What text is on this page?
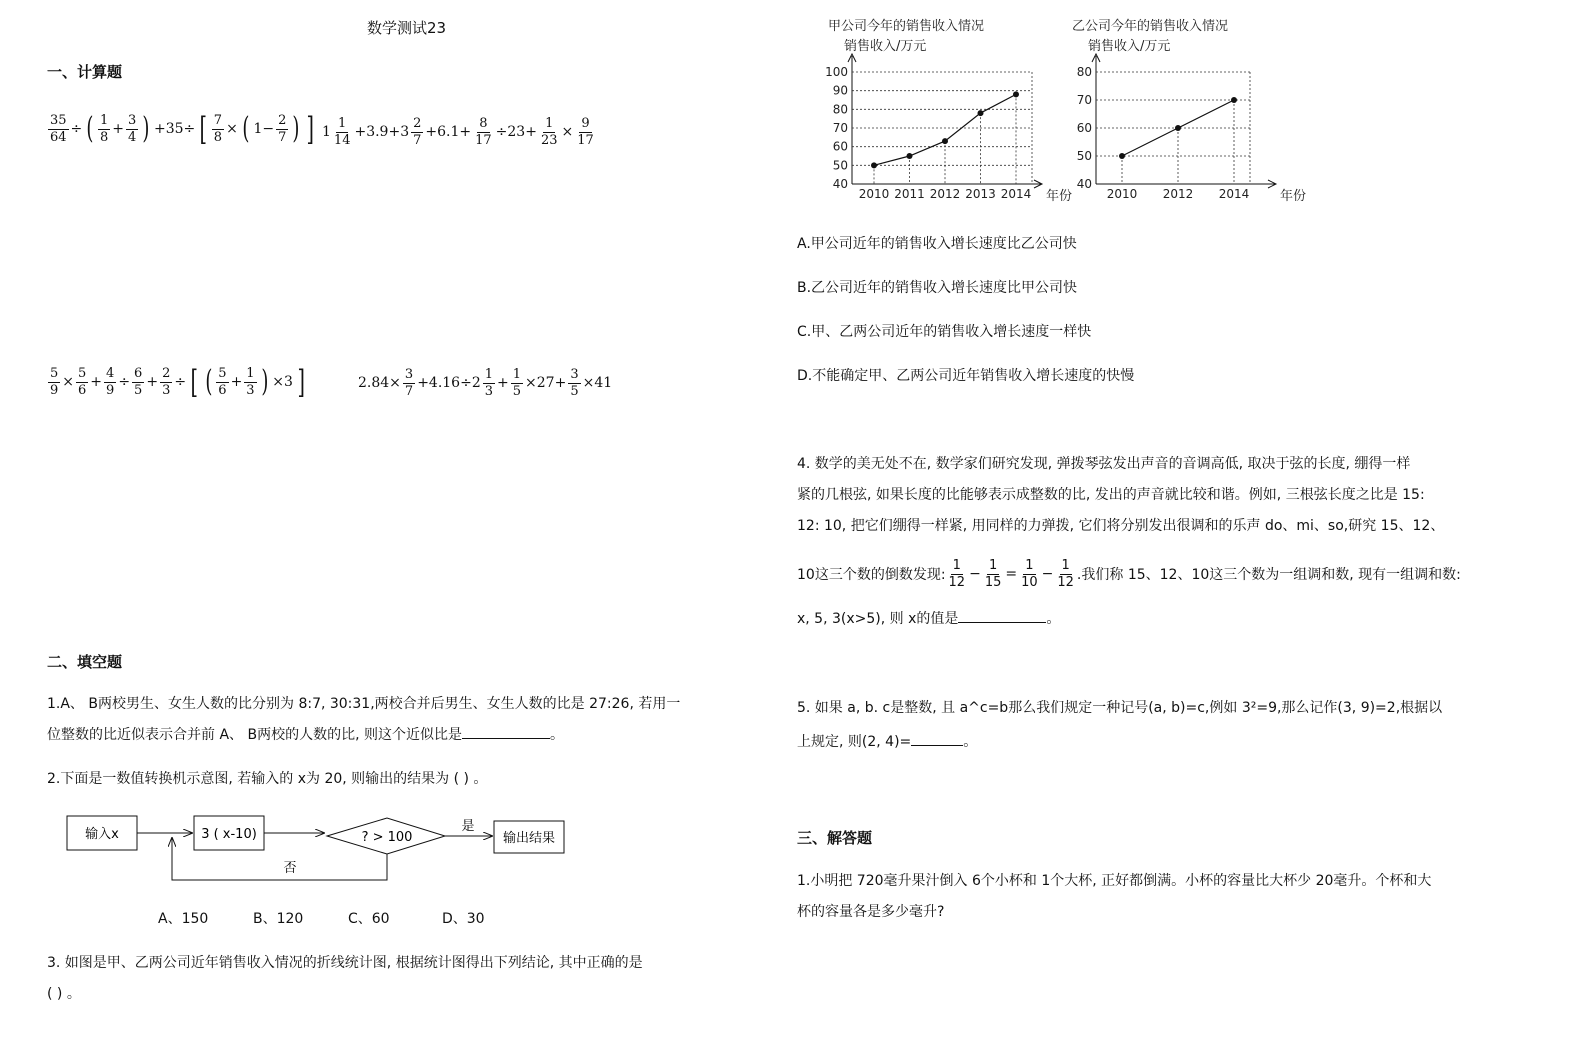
数学测试23
一、计算题
$\frac{35}{64}$ ÷ ( $\frac{1}{8} + \frac{3}{4}$ ) +35÷ [ $\frac{7}{8}$ × ( $1- \frac{2}{7}$ ) ] $1 \frac{1}{14} +3.9+3 \frac{2}{7} +6.1+ \frac{8}{17} \div 23+ \frac{1}{23} \times \frac{9}{17}$
$\frac{5}{9} \times \frac{5}{6} + \frac{4}{9} \div \frac{6}{5} + \frac{2}{3}$ ÷ [ ( $\frac{5}{6} + \frac{1}{3}$ ) ×3 ]	$2.84\times \frac{3}{7} +4.16\div 2 \frac{1}{3} + \frac{1}{5} \times 27+ \frac{3}{5} \times 41$
二、填空题
1.A、 B两校男生、女生人数的比分别为 8:7, 30:31,两校合并后男生、女生人数的比是 27:26, 若用一
位整数的比近似表示合并前 A、 B两校的人数的比, 则这个近似比是	。
2.下面是一数值转换机示意图, 若输入的 x为 20, 则输出的结果为 ( ) 。
输入x	3 ( x-10)	? > 100
是
输出结果
否
A、150	B、120	C、60	D、30
3. 如图是甲、乙两公司近年销售收入情况的折线统计图, 根据统计图得出下列结论, 其中正确的是
( ) 。
甲公司今年的销售收入情况
销售收入/万元
40
50
60
70
80
90
100
2010 2011 2012 2013 2014 年份
乙公司今年的销售收入情况
销售收入/万元
40
50
60
70
80
2010 2012 2014 年份
A.甲公司近年的销售收入增长速度比乙公司快
B.乙公司近年的销售收入增长速度比甲公司快
C.甲、乙两公司近年的销售收入增长速度一样快
D.不能确定甲、乙两公司近年销售收入增长速度的快慢
4. 数学的美无处不在, 数学家们研究发现, 弹拨琴弦发出声音的音调高低, 取决于弦的长度, 绷得一样
紧的几根弦, 如果长度的比能够表示成整数的比, 发出的声音就比较和谐。例如, 三根弦长度之比是 15:
12: 10, 把它们绷得一样紧, 用同样的力弹拨, 它们将分别发出很调和的乐声 do、mi、so,研究 15、12、
10这三个数的倒数发现: $\frac{1}{12} - \frac{1}{15} = \frac{1}{10} - \frac{1}{12}$ .我们称 15、12、10这三个数为一组调和数, 现有一组调和数:
x, 5, 3(x>5), 则 x的值是	。
5. 如果 a, b. c是整数, 且 a^c=b那么我们规定一种记号(a, b)=c,例如 3²=9,那么记作(3, 9)=2,根据以
上规定, 则(2, 4)=	。
三、解答题
1.小明把 720毫升果汁倒入 6个小杯和 1个大杯, 正好都倒满。小杯的容量比大杯少 20毫升。个杯和大
杯的容量各是多少毫升?
